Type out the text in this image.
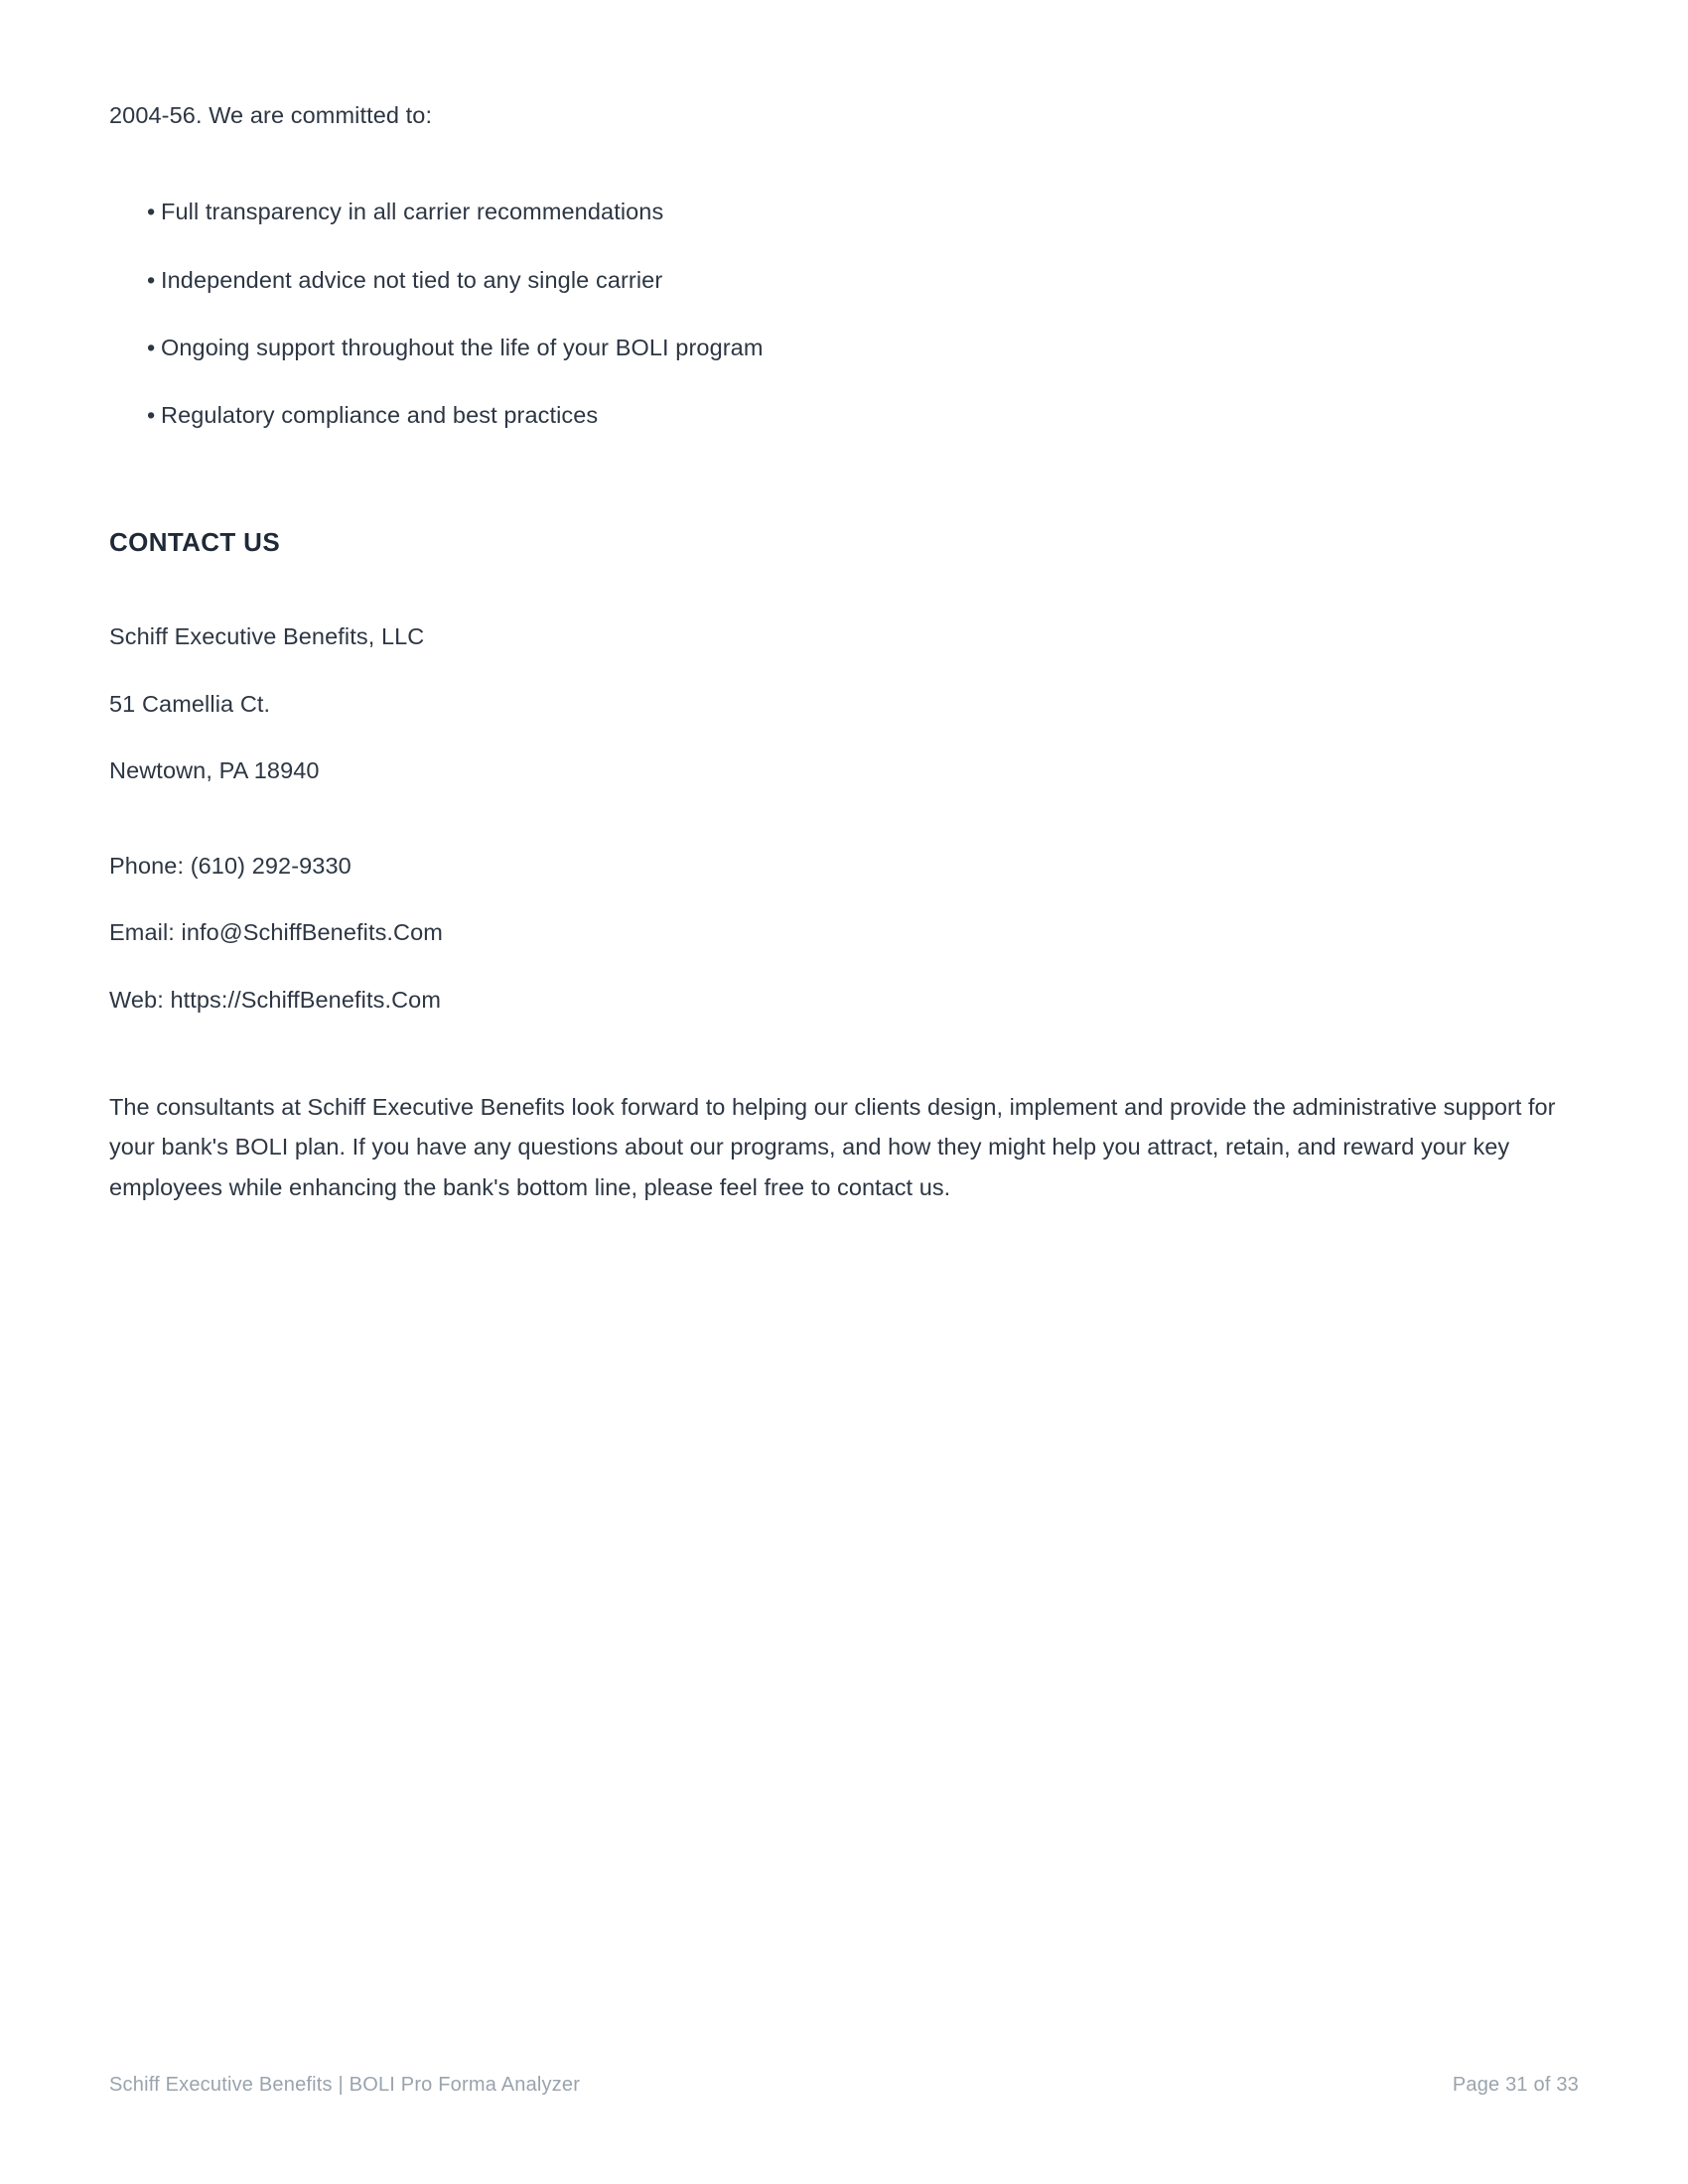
2004-56. We are committed to:

• Full transparency in all carrier recommendations
• Independent advice not tied to any single carrier
• Ongoing support throughout the life of your BOLI program
• Regulatory compliance and best practices
CONTACT US

Schiff Executive Benefits, LLC

51 Camellia Ct.

Newtown, PA 18940

Phone: (610) 292-9330

Email: info@SchiffBenefits.Com

Web: https://SchiffBenefits.Com

The consultants at Schiff Executive Benefits look forward to helping our clients design, implement and provide the administrative support for your bank's BOLI plan. If you have any questions about our programs, and how they might help you attract, retain, and reward your key employees while enhancing the bank's bottom line, please feel free to contact us.

Schiff Executive Benefits | BOLI Pro Forma Analyzer	Page 31 of 33
